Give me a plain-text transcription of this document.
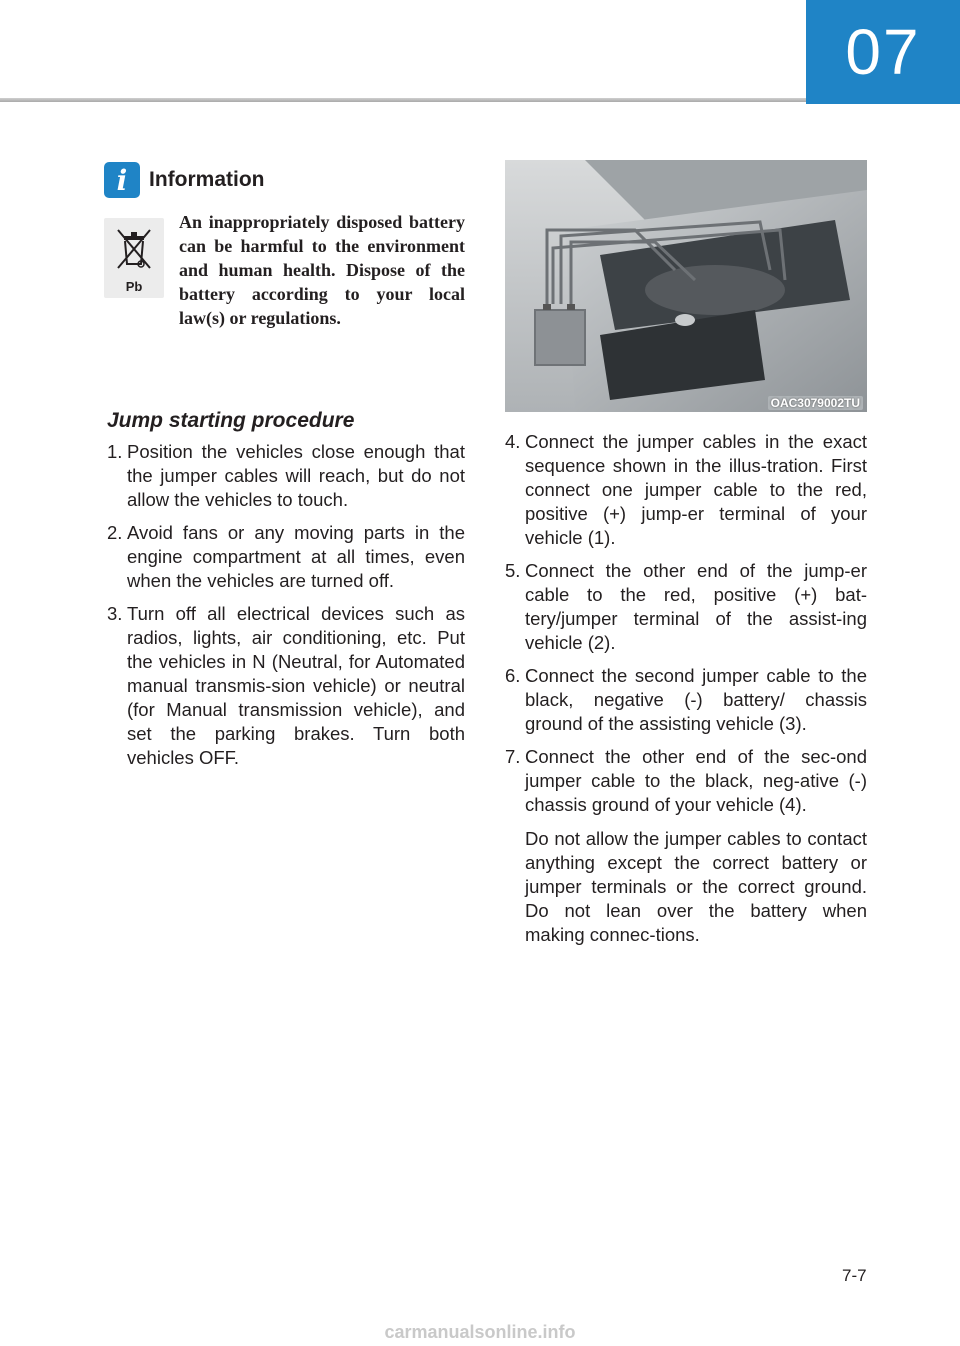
07
i	Information
Pb
An inappropriately disposed battery can be harmful to the environment and human health. Dispose of the battery according to your local law(s) or regulations.
Jump starting procedure
1. Position the vehicles close enough that the jumper cables will reach, but do not allow the vehicles to touch.

2. Avoid fans or any moving parts in the engine compartment at all times, even when the vehicles are turned off.

3. Turn off all electrical devices such as radios, lights, air conditioning, etc. Put the vehicles in N (Neutral, for Automated manual transmis-sion vehicle) or neutral (for Manual transmission vehicle), and set the parking brakes. Turn both vehicles OFF.

OAC3079002TU
4. Connect the jumper cables in the exact sequence shown in the illus-tration. First connect one jumper cable to the red, positive (+) jump-er terminal of your vehicle (1).

5. Connect the other end of the jump-er cable to the red, positive (+) bat-tery/jumper terminal of the assist-ing vehicle (2).

6. Connect the second jumper cable to the black, negative (-) battery/ chassis ground of the assisting vehicle (3).

7. Connect the other end of the sec-ond jumper cable to the black, neg-ative (-) chassis ground of your vehicle (4).

Do not allow the jumper cables to contact anything except the correct battery or jumper terminals or the correct ground. Do not lean over the battery when making connec-tions.

7-7
carmanualsonline.info
